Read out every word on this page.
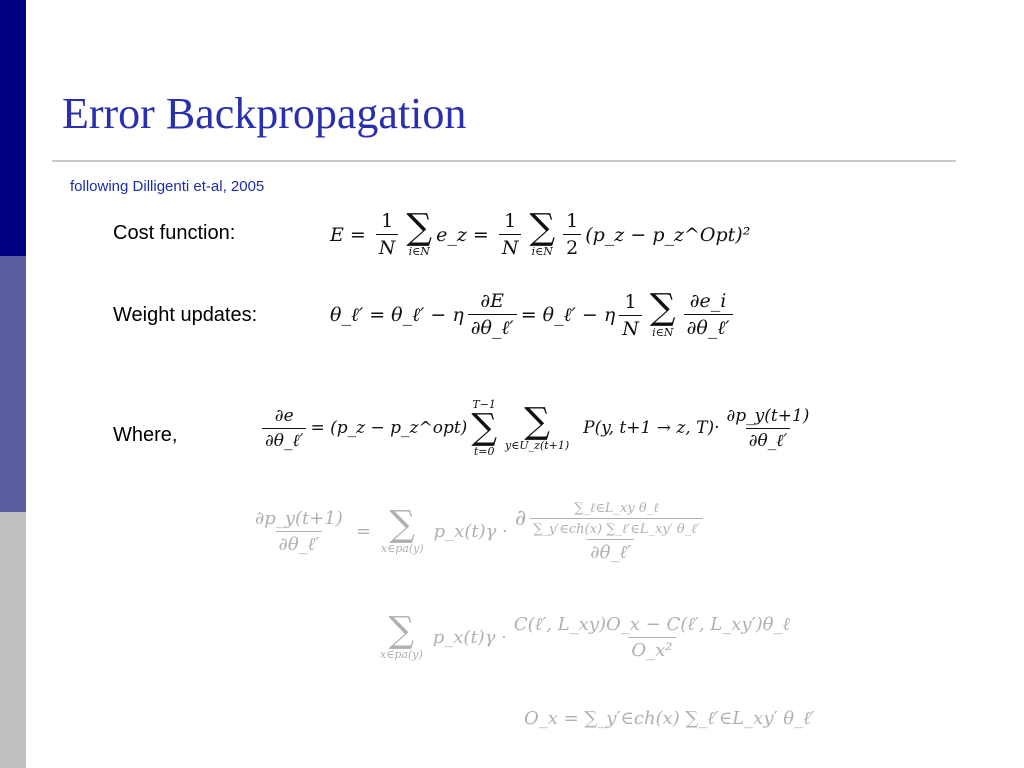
Error Backpropagation
following Dilligenti et-al, 2005
Cost function:
Weight updates:
Where,
$E = \frac{1}{N}$ ∑
i∈N
e_z = $\frac{1}{N}$ ∑
i∈N $\frac{1}{2}$ (p_z − p_z^Opt)²
θ_ℓ′ = θ_ℓ′ − η $\frac{\partial E}{\text{∂θ\_ℓ′}}$ = θ_ℓ′ − η $\frac{1}{N}$ ∑
i∈N $\frac{\partial e\_i}{\text{∂θ\_ℓ′}}$
$\frac{\partial e}{\text{∂θ\_ℓ′}}$ = (p_z − p_z^opt)
T−1
∑
t=0
∑
y∈U_z(t+1)
P(y, t+1 → z, $T)\cdot \frac{\partial p\_y(t+1)}{\text{∂θ\_ℓ′}}$
$\frac{\partial p\_y(t+1)}{\text{∂θ\_ℓ′}}$ = ∑
x∈pa(y)
p_x(t)γ ·
∂ $\frac{\text{∑\_ℓ∈L\_xy θ\_ℓ}}{\text{∑\_y′∈ch(x) ∑\_ℓ′∈L\_xy′ θ\_ℓ′}}$
∂θ_ℓ′
∑
x∈pa(y)
p_x(t)γ · $\frac{\text{C(ℓ′, L\_xy)O\_x − C(ℓ′, L\_xy′)θ\_ℓ}}{\text{O\_x²}}$
O_x = ∑_y′∈ch(x) ∑_ℓ′∈L_xy′ θ_ℓ′
